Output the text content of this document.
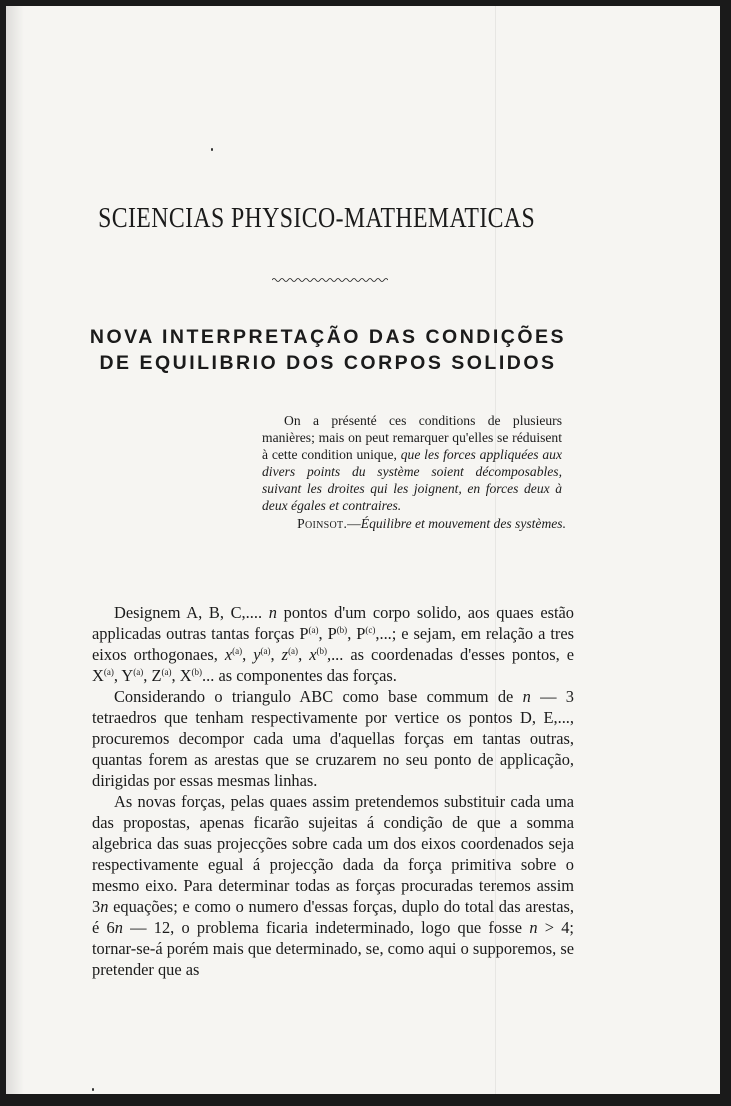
SCIENCIAS PHYSICO-MATHEMATICAS
NOVA INTERPRETAÇÃO DAS CONDIÇÕES
DE EQUILIBRIO DOS CORPOS SOLIDOS
On a présenté ces conditions de plusieurs manières; mais on peut remarquer qu'elles se réduisent à cette condition unique, que les forces appliquées aux divers points du système soient décomposables, suivant les droites qui les joignent, en forces deux à deux égales et contraires.
Poinsot.—Équilibre et mouvement des systèmes.

Designem A, B, C,.... n pontos d'um corpo solido, aos quaes estão applicadas outras tantas forças $P^{(a)}$, $P^{(b)}$, $P^{(c)}$,...; e sejam, em relação a tres eixos orthogonaes, $x^{(a)}$, $y^{(a)}$, $z^{(a)}$, $x^{(b)}$,... as coordenadas d'esses pontos, e $X^{(a)}$, $Y^{(a)}$, $Z^{(a)}$, $X^{(b)}$... as componentes das forças.

Considerando o triangulo ABC como base commum de n — 3 tetraedros que tenham respectivamente por vertice os pontos D, E,..., procuremos decompor cada uma d'aquellas forças em tantas outras, quantas forem as arestas que se cruzarem no seu ponto de applicação, dirigidas por essas mesmas linhas.

As novas forças, pelas quaes assim pretendemos substituir cada uma das propostas, apenas ficarão sujeitas á condição de que a somma algebrica das suas projecções sobre cada um dos eixos coordenados seja respectivamente egual á projecção dada da força primitiva sobre o mesmo eixo. Para determinar todas as forças procuradas teremos assim 3n equações; e como o numero d'essas forças, duplo do total das arestas, é 6n — 12, o problema ficaria indeterminado, logo que fosse n > 4; tornar-se-á porém mais que determinado, se, como aqui o supporemos, se pretender que as
